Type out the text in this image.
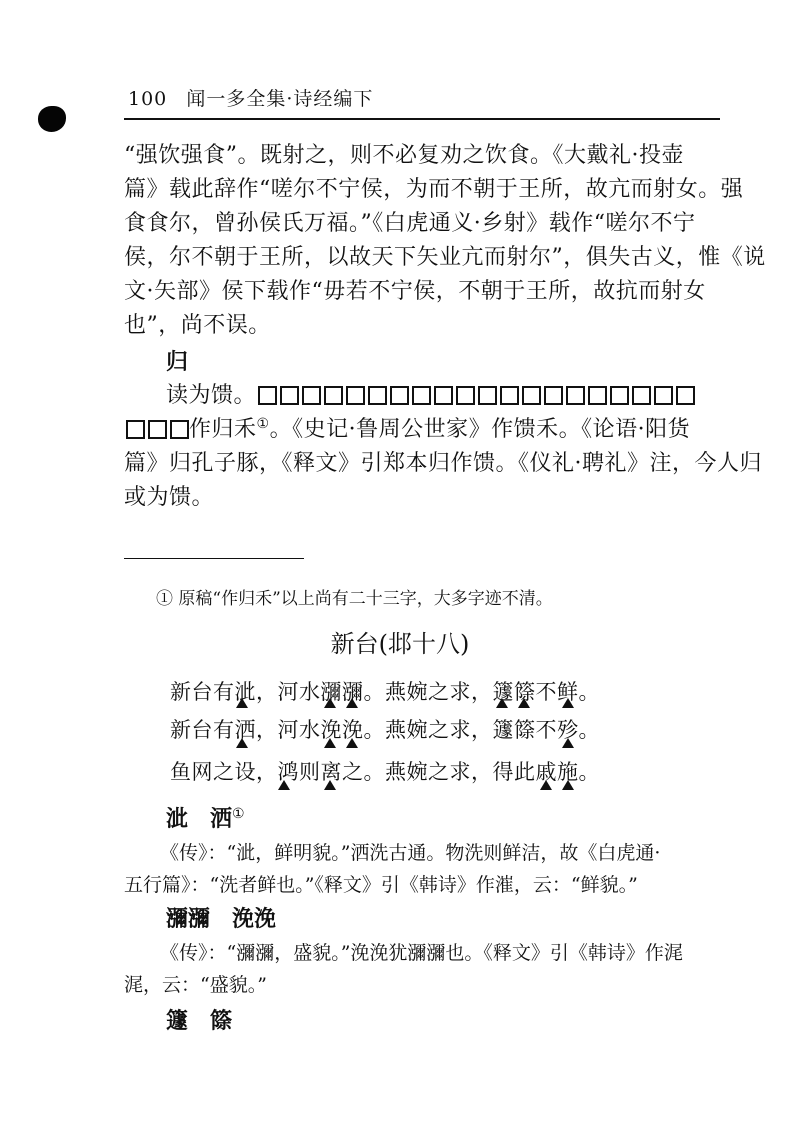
100 闻一多全集·诗经编下
“强饮强食”。既射之，则不必复劝之饮食。《大戴礼·投壶
篇》载此辞作“嗟尔不宁侯，为而不朝于王所，故亢而射女。强
食食尔，曾孙侯氏万福。”《白虎通义·乡射》载作“嗟尔不宁
侯，尔不朝于王所，以故天下矢业亢而射尔”，俱失古义，惟《说
文·矢部》侯下载作“毋若不宁侯，不朝于王所，故抗而射女
也”，尚不误。
归
读为馈。
作归禾①。《史记·鲁周公世家》作馈禾。《论语·阳货
篇》归孔子豚，《释文》引郑本归作馈。《仪礼·聘礼》注，今人归
或为馈。
① 原稿“作归禾”以上尚有二十三字，大多字迹不清。
新台(邶十八)
新台有泚，河水瀰瀰。燕婉之求，籧篨不鲜。
新台有洒，河水浼浼。燕婉之求，籧篨不殄。
鱼网之设，鸿则离之。燕婉之求，得此戚施。
泚　洒①
《传》：“泚，鲜明貌。”洒洗古通。物洗则鲜洁，故《白虎通·
五行篇》：“洗者鲜也。”《释文》引《韩诗》作漼，云：“鲜貌。”
瀰瀰　浼浼
《传》：“瀰瀰，盛貌。”浼浼犹瀰瀰也。《释文》引《韩诗》作浘
浘，云：“盛貌。”
籧　篨
